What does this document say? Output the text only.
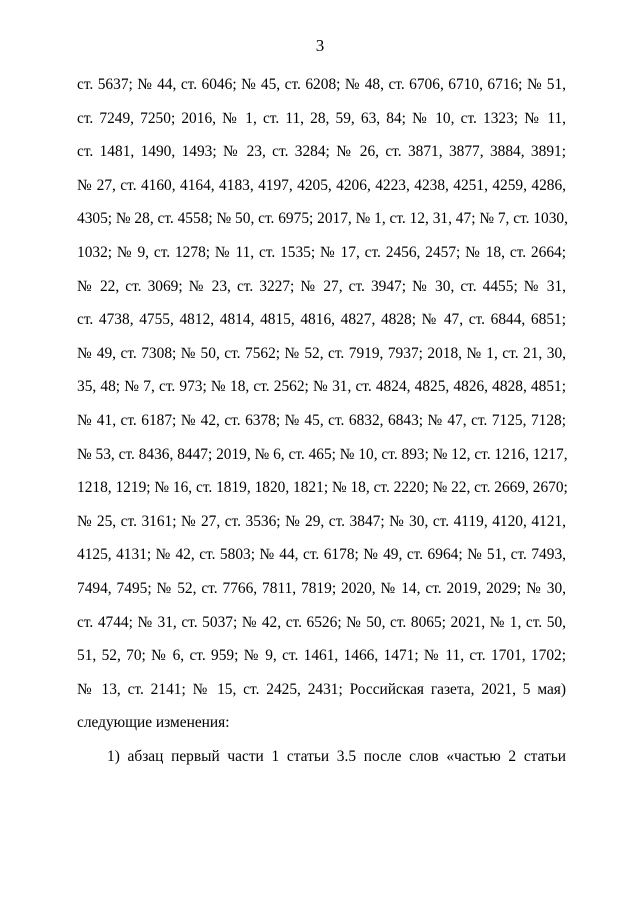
3
ст. 5637; № 44, ст. 6046; № 45, ст. 6208; № 48, ст. 6706, 6710, 6716; № 51,
ст. 7249, 7250; 2016, № 1, ст. 11, 28, 59, 63, 84; № 10, ст. 1323; № 11,
ст. 1481, 1490, 1493; № 23, ст. 3284; № 26, ст. 3871, 3877, 3884, 3891;
№ 27, ст. 4160, 4164, 4183, 4197, 4205, 4206, 4223, 4238, 4251, 4259, 4286,
4305; № 28, ст. 4558; № 50, ст. 6975; 2017, № 1, ст. 12, 31, 47; № 7, ст. 1030,
1032; № 9, ст. 1278; № 11, ст. 1535; № 17, ст. 2456, 2457; № 18, ст. 2664;
№ 22, ст. 3069; № 23, ст. 3227; № 27, ст. 3947; № 30, ст. 4455; № 31,
ст. 4738, 4755, 4812, 4814, 4815, 4816, 4827, 4828; № 47, ст. 6844, 6851;
№ 49, ст. 7308; № 50, ст. 7562; № 52, ст. 7919, 7937; 2018, № 1, ст. 21, 30,
35, 48; № 7, ст. 973; № 18, ст. 2562; № 31, ст. 4824, 4825, 4826, 4828, 4851;
№ 41, ст. 6187; № 42, ст. 6378; № 45, ст. 6832, 6843; № 47, ст. 7125, 7128;
№ 53, ст. 8436, 8447; 2019, № 6, ст. 465; № 10, ст. 893; № 12, ст. 1216, 1217,
1218, 1219; № 16, ст. 1819, 1820, 1821; № 18, ст. 2220; № 22, ст. 2669, 2670;
№ 25, ст. 3161; № 27, ст. 3536; № 29, ст. 3847; № 30, ст. 4119, 4120, 4121,
4125, 4131; № 42, ст. 5803; № 44, ст. 6178; № 49, ст. 6964; № 51, ст. 7493,
7494, 7495; № 52, ст. 7766, 7811, 7819; 2020, № 14, ст. 2019, 2029; № 30,
ст. 4744; № 31, ст. 5037; № 42, ст. 6526; № 50, ст. 8065; 2021, № 1, ст. 50,
51, 52, 70; № 6, ст. 959; № 9, ст. 1461, 1466, 1471; № 11, ст. 1701, 1702;
№ 13, ст. 2141; № 15, ст. 2425, 2431; Российская газета, 2021, 5 мая)
следующие изменения:
1) абзац первый части 1 статьи 3.5 после слов «частью 2 статьи
